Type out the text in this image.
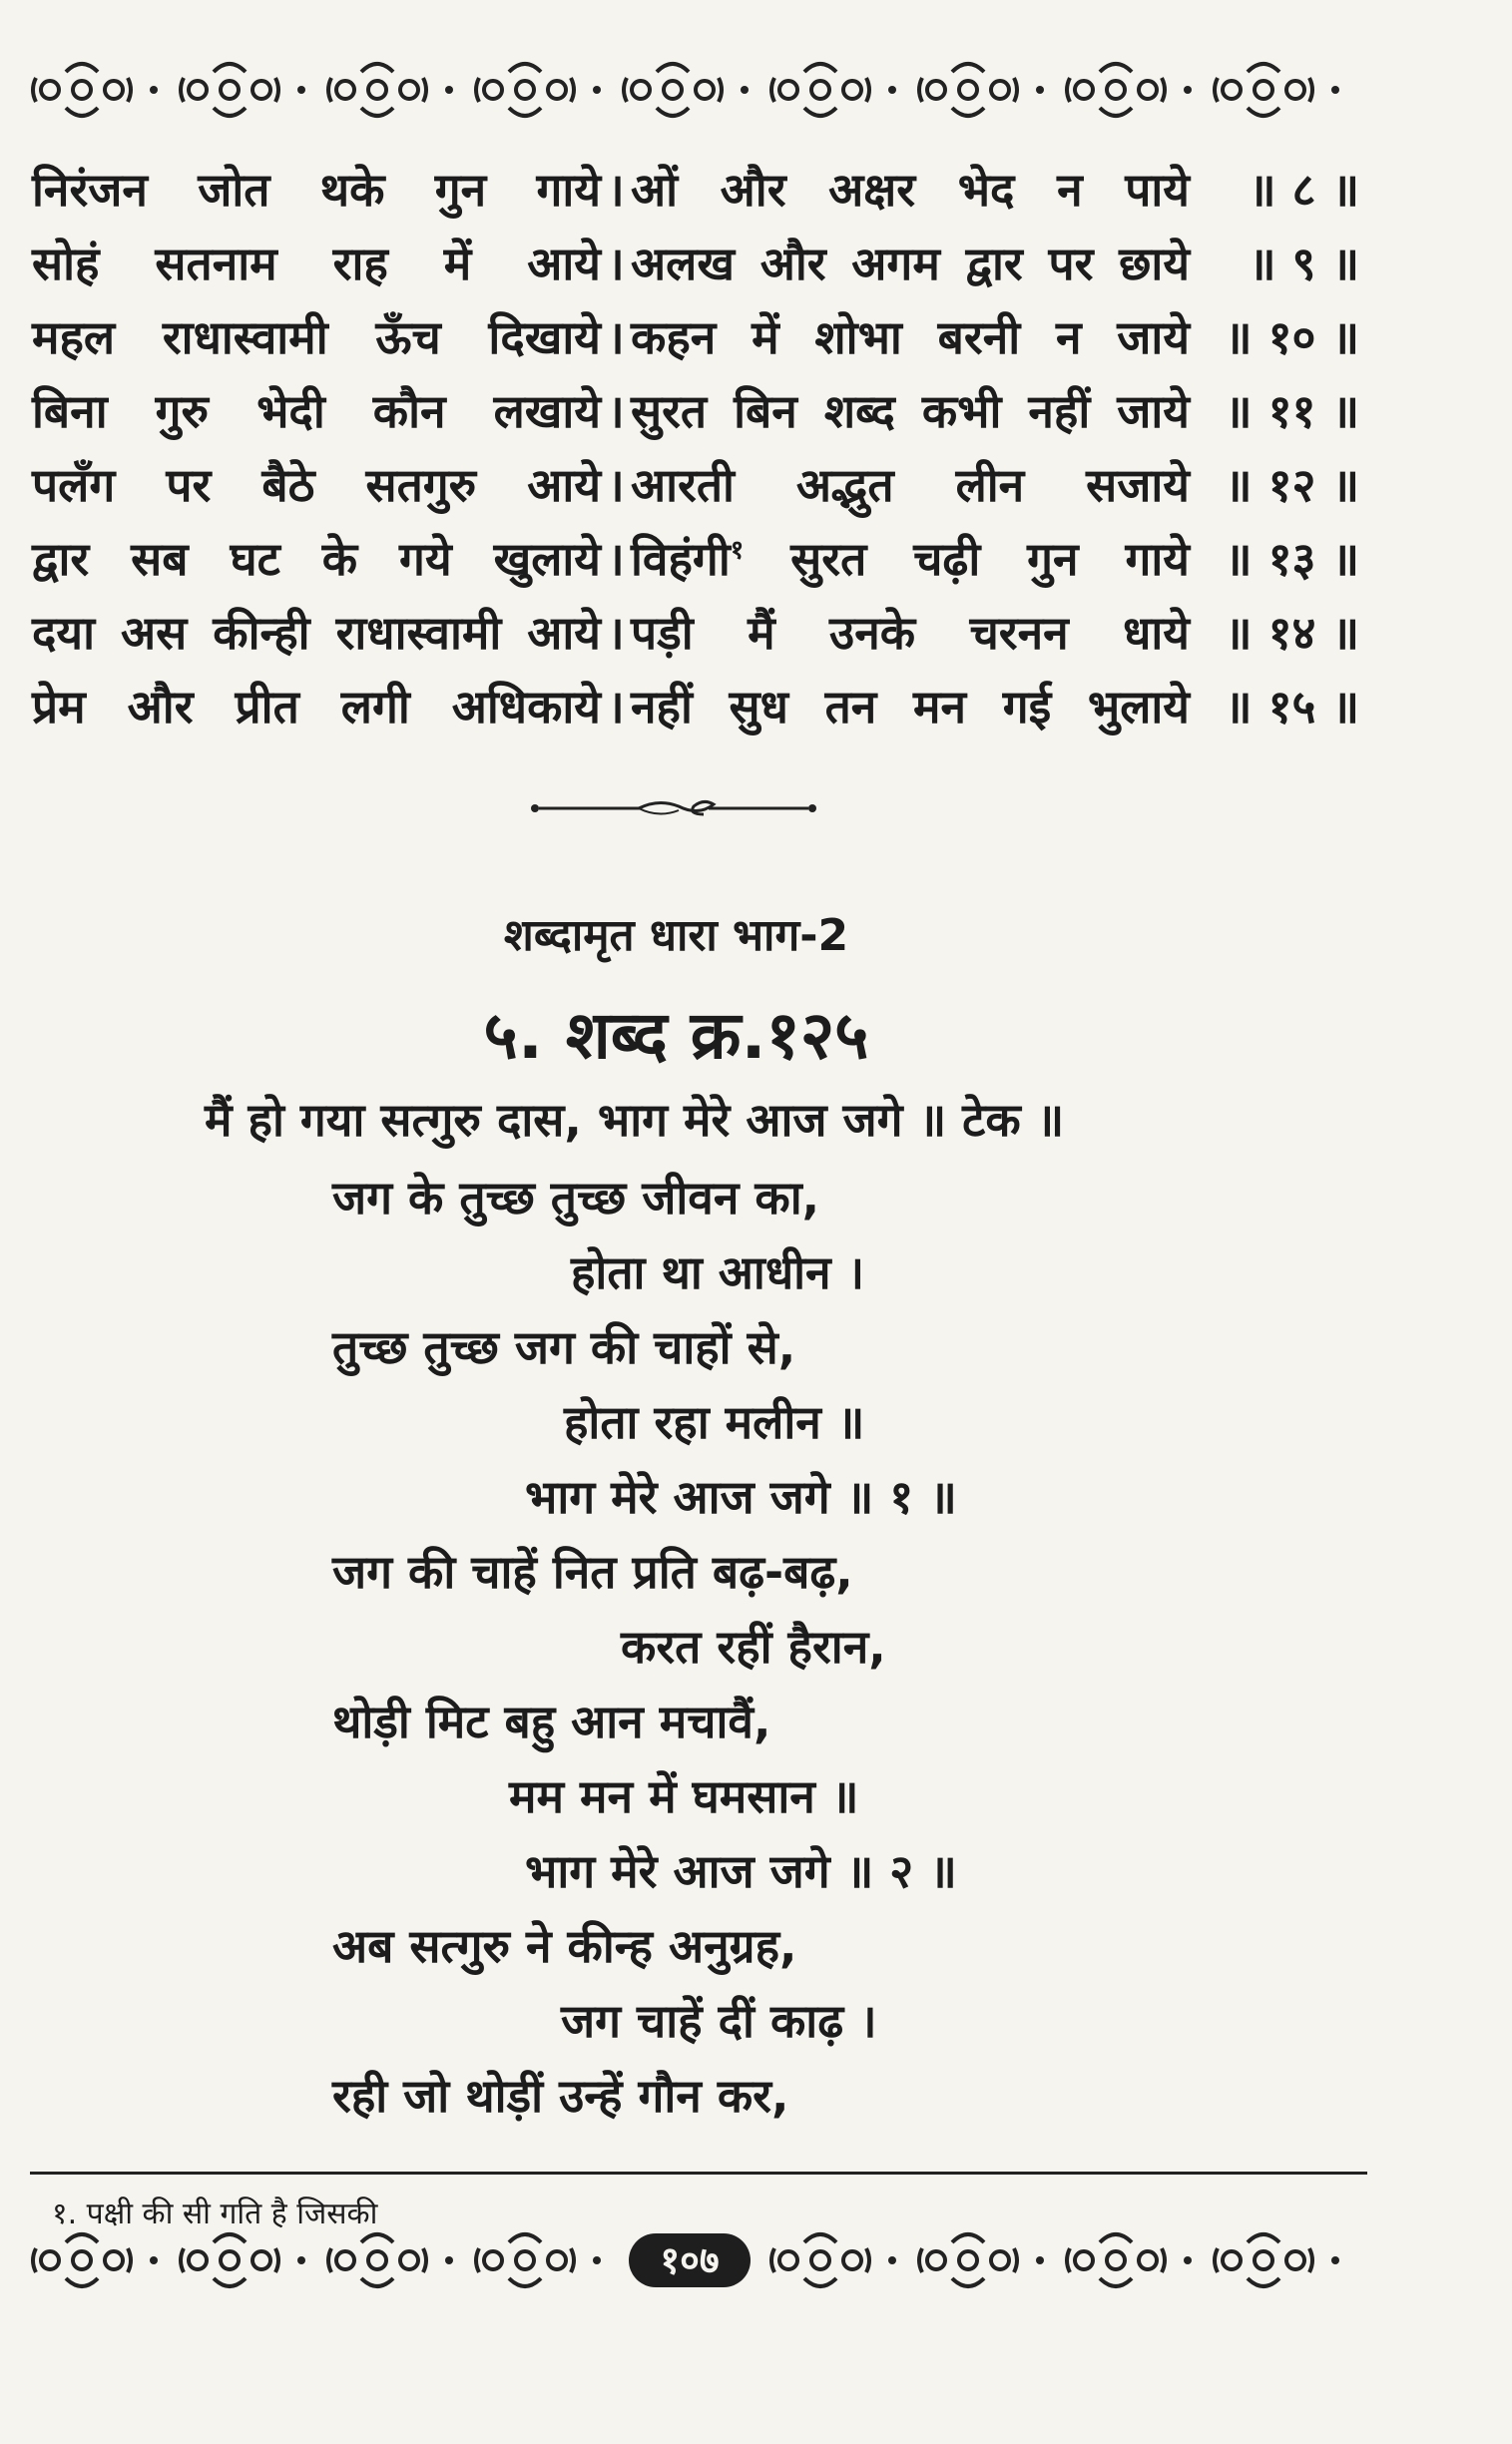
निरंजन जोत थके गुन गाये । ओं और अक्षर भेद न पाये	॥ ८ ॥
सोहं सतनाम राह में आये । अलख और अगम द्वार पर छाये	॥ ९ ॥
महल राधास्वामी ऊँच दिखाये । कहन में शोभा बरनी न जाये ॥ १० ॥
बिना गुरु भेदी कौन लखाये । सुरत बिन शब्द कभी नहीं जाये ॥ ११ ॥
पलँग पर बैठे सतगुरु आये । आरती अद्भुत लीन सजाये ॥ १२ ॥
द्वार सब घट के गये खुलाये । विहंगी$^१$ सुरत चढ़ी गुन गाये ॥ १३ ॥
दया अस कीन्ही राधास्वामी आये । पड़ी मैं उनके चरनन धाये ॥ १४ ॥
प्रेम और प्रीत लगी अधिकाये । नहीं सुध तन मन गई भुलाये ॥ १५ ॥
शब्दामृत धारा भाग-2
५. शब्द क्र.१२५
मैं हो गया सत्गुरु दास, भाग मेरे आज जगे ॥ टेक ॥
जग के तुच्छ तुच्छ जीवन का,
होता था आधीन ।
तुच्छ तुच्छ जग की चाहों से,
होता रहा मलीन ॥
भाग मेरे आज जगे ॥ १ ॥
जग की चाहें नित प्रति बढ़-बढ़,
करत रहीं हैरान,
थोड़ी मिट बहु आन मचावैं,
मम मन में घमसान ॥
भाग मेरे आज जगे ॥ २ ॥
अब सत्गुरु ने कीन्ह अनुग्रह,
जग चाहें दीं काढ़ ।
रही जो थोड़ीं उन्हें गौन कर,
१. पक्षी की सी गति है जिसकी
१०७
